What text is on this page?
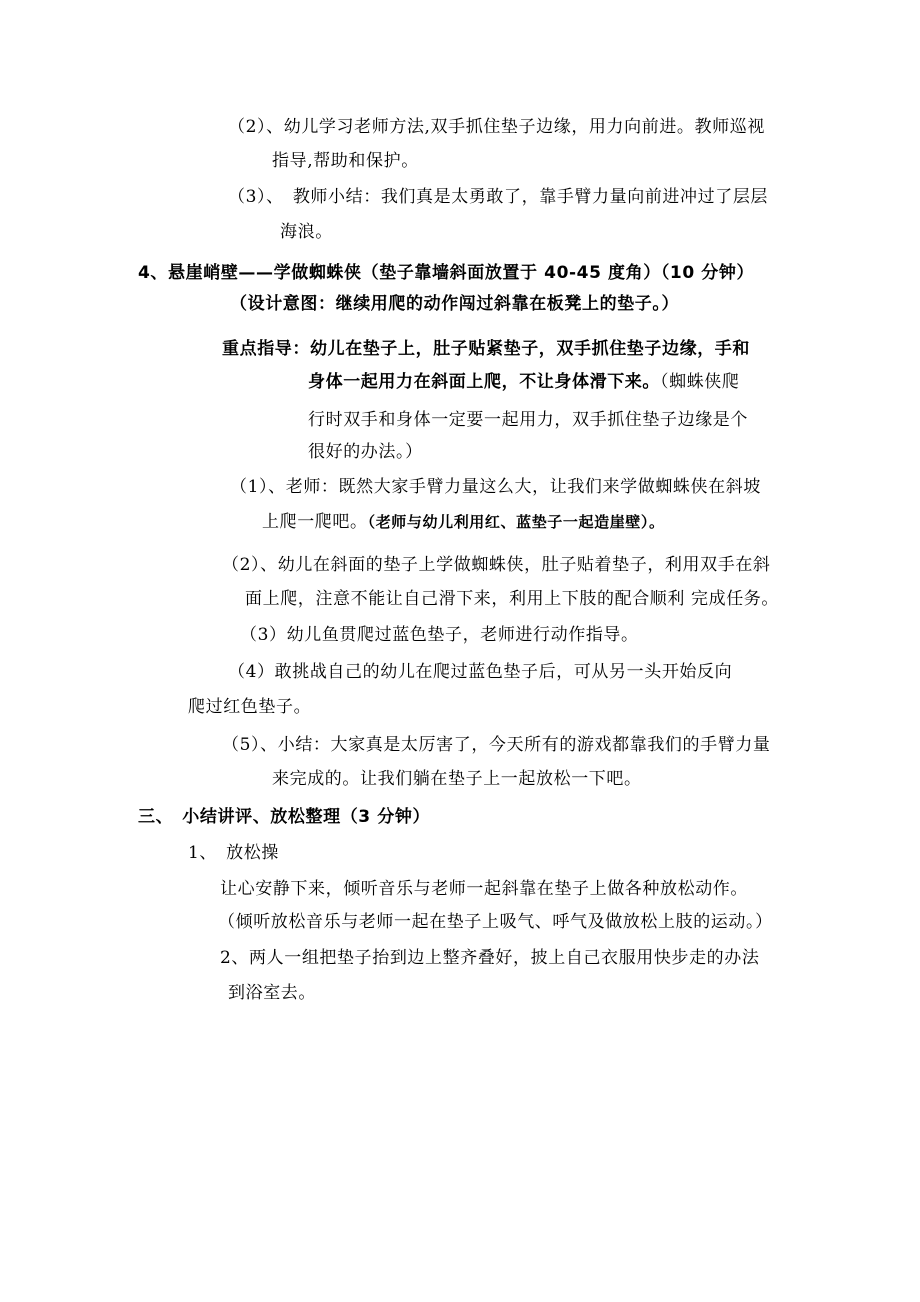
（2）、幼儿学习老师方法,双手抓住垫子边缘，用力向前进。教师巡视
指导,帮助和保护。
（3）、　教师小结：我们真是太勇敢了，靠手臂力量向前进冲过了层层
海浪。
4、悬崖峭壁——学做蜘蛛侠（垫子靠墙斜面放置于 40-45 度角）（10 分钟）
（设计意图：继续用爬的动作闯过斜靠在板凳上的垫子。）
重点指导：幼儿在垫子上，肚子贴紧垫子，双手抓住垫子边缘，手和
身体一起用力在斜面上爬，不让身体滑下来。（蜘蛛侠爬
行时双手和身体一定要一起用力，双手抓住垫子边缘是个
很好的办法。）
（1）、老师：既然大家手臂力量这么大，让我们来学做蜘蛛侠在斜坡
上爬一爬吧。（老师与幼儿利用红、蓝垫子一起造崖壁）。
（2）、幼儿在斜面的垫子上学做蜘蛛侠，肚子贴着垫子，利用双手在斜
面上爬，注意不能让自己滑下来，利用上下肢的配合顺利 完成任务。
（3）幼儿鱼贯爬过蓝色垫子，老师进行动作指导。
（4）敢挑战自己的幼儿在爬过蓝色垫子后，可从另一头开始反向
爬过红色垫子。
（5）、小结：大家真是太厉害了，今天所有的游戏都靠我们的手臂力量
来完成的。让我们躺在垫子上一起放松一下吧。
三、　小结讲评、放松整理（3 分钟）
1、　放松操
让心安静下来，倾听音乐与老师一起斜靠在垫子上做各种放松动作。
（倾听放松音乐与老师一起在垫子上吸气、呼气及做放松上肢的运动。）
2、两人一组把垫子抬到边上整齐叠好，披上自己衣服用快步走的办法
到浴室去。
